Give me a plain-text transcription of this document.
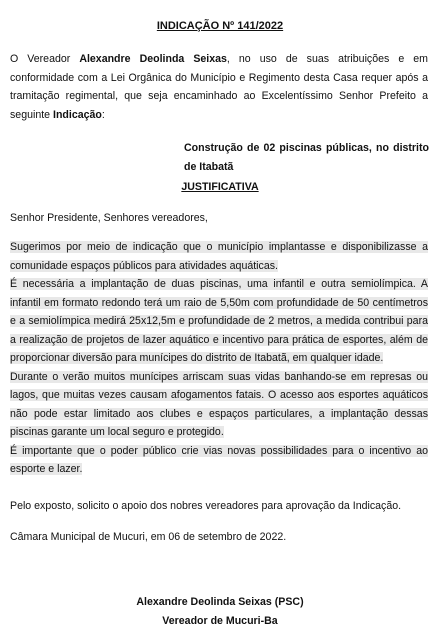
INDICAÇÃO Nº 141/2022
O Vereador Alexandre Deolinda Seixas, no uso de suas atribuições e em conformidade com a Lei Orgânica do Município e Regimento desta Casa requer após a tramitação regimental, que seja encaminhado ao Excelentíssimo Senhor Prefeito a seguinte Indicação:
Construção de 02 piscinas públicas, no distrito de Itabatã
JUSTIFICATIVA
Senhor Presidente, Senhores vereadores,
Sugerimos por meio de indicação que o município implantasse e disponibilizasse a comunidade espaços públicos para atividades aquáticas.
É necessária a implantação de duas piscinas, uma infantil e outra semiolímpica. A infantil em formato redondo terá um raio de 5,50m com profundidade de 50 centímetros e a semiolímpica medirá 25x12,5m e profundidade de 2 metros, a medida contribui para a realização de projetos de lazer aquático e incentivo para prática de esportes, além de proporcionar diversão para munícipes do distrito de Itabatã, em qualquer idade.
Durante o verão muitos munícipes arriscam suas vidas banhando-se em represas ou lagos, que muitas vezes causam afogamentos fatais. O acesso aos esportes aquáticos não pode estar limitado aos clubes e espaços particulares, a implantação dessas piscinas garante um local seguro e protegido.
É importante que o poder público crie vias novas possibilidades para o incentivo ao esporte e lazer.
Pelo exposto, solicito o apoio dos nobres vereadores para aprovação da Indicação.
Câmara Municipal de Mucuri, em 06 de setembro de 2022.
Alexandre Deolinda Seixas (PSC)
Vereador de Mucuri-Ba
